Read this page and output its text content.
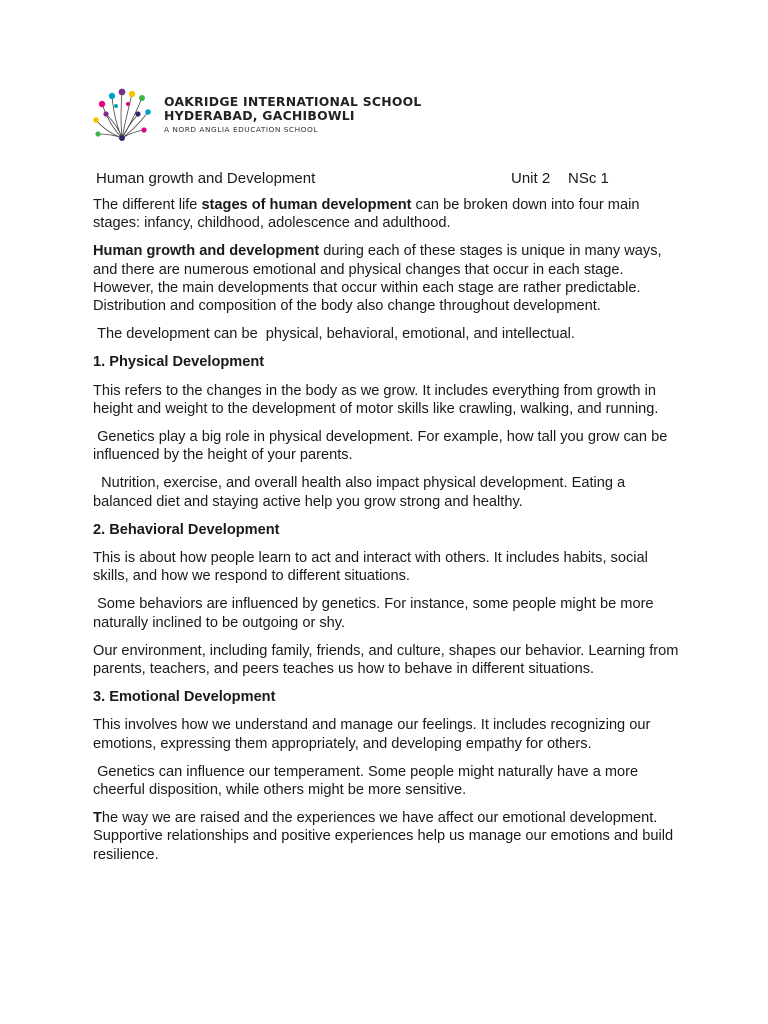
OAKRIDGE INTERNATIONAL SCHOOL
HYDERABAD, GACHIBOWLI
A NORD ANGLIA EDUCATION SCHOOL
Human growth and Development	Unit 2 NSc 1

The different life stages of human development can be broken down into four main stages: infancy, childhood, adolescence and adulthood.

Human growth and development during each of these stages is unique in many ways, and there are numerous emotional and physical changes that occur in each stage. However, the main developments that occur within each stage are rather predictable. Distribution and composition of the body also change throughout development.

The development can be  physical, behavioral, emotional, and intellectual.

1. Physical Development

This refers to the changes in the body as we grow. It includes everything from growth in height and weight to the development of motor skills like crawling, walking, and running.

Genetics play a big role in physical development. For example, how tall you grow can be influenced by the height of your parents.

Nutrition, exercise, and overall health also impact physical development. Eating a balanced diet and staying active help you grow strong and healthy.

2. Behavioral Development

This is about how people learn to act and interact with others. It includes habits, social skills, and how we respond to different situations.

Some behaviors are influenced by genetics. For instance, some people might be more naturally inclined to be outgoing or shy.

Our environment, including family, friends, and culture, shapes our behavior. Learning from parents, teachers, and peers teaches us how to behave in different situations.

3. Emotional Development

This involves how we understand and manage our feelings. It includes recognizing our emotions, expressing them appropriately, and developing empathy for others.

Genetics can influence our temperament. Some people might naturally have a more cheerful disposition, while others might be more sensitive.

The way we are raised and the experiences we have affect our emotional development. Supportive relationships and positive experiences help us manage our emotions and build resilience.
